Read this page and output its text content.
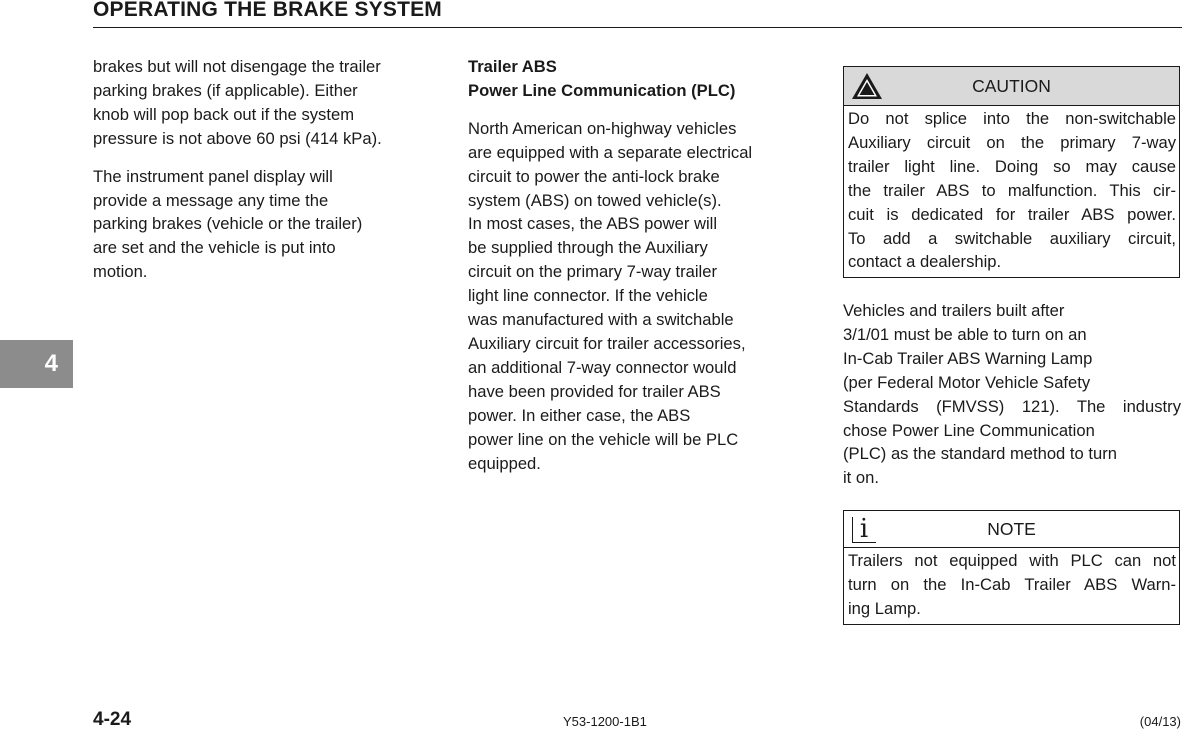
OPERATING THE BRAKE SYSTEM
4

brakes but will not disengage the trailer
parking brakes (if applicable). Either
knob will pop back out if the system
pressure is not above 60 psi (414 kPa).

The instrument panel display will
provide a message any time the
parking brakes (vehicle or the trailer)
are set and the vehicle is put into
motion.

Trailer ABS
Power Line Communication (PLC)

North American on-highway vehicles
are equipped with a separate electrical
circuit to power the anti-lock brake
system (ABS) on towed vehicle(s).
In most cases, the ABS power will
be supplied through the Auxiliary
circuit on the primary 7-way trailer
light line connector. If the vehicle
was manufactured with a switchable
Auxiliary circuit for trailer accessories,
an additional 7-way connector would
have been provided for trailer ABS
power. In either case, the ABS
power line on the vehicle will be PLC
equipped.

CAUTION
Do not splice into the non-switchable
Auxiliary circuit on the primary 7-way
trailer light line. Doing so may cause
the trailer ABS to malfunction. This cir-
cuit is dedicated for trailer ABS power.
To add a switchable auxiliary circuit,
contact a dealership.

Vehicles and trailers built after
3/1/01 must be able to turn on an
In-Cab Trailer ABS Warning Lamp
(per Federal Motor Vehicle Safety
Standards (FMVSS) 121). The industry
chose Power Line Communication
(PLC) as the standard method to turn
it on.

i	NOTE
Trailers not equipped with PLC can not
turn on the In-Cab Trailer ABS Warn-
ing Lamp.
4-24	Y53-1200-1B1	(04/13)
